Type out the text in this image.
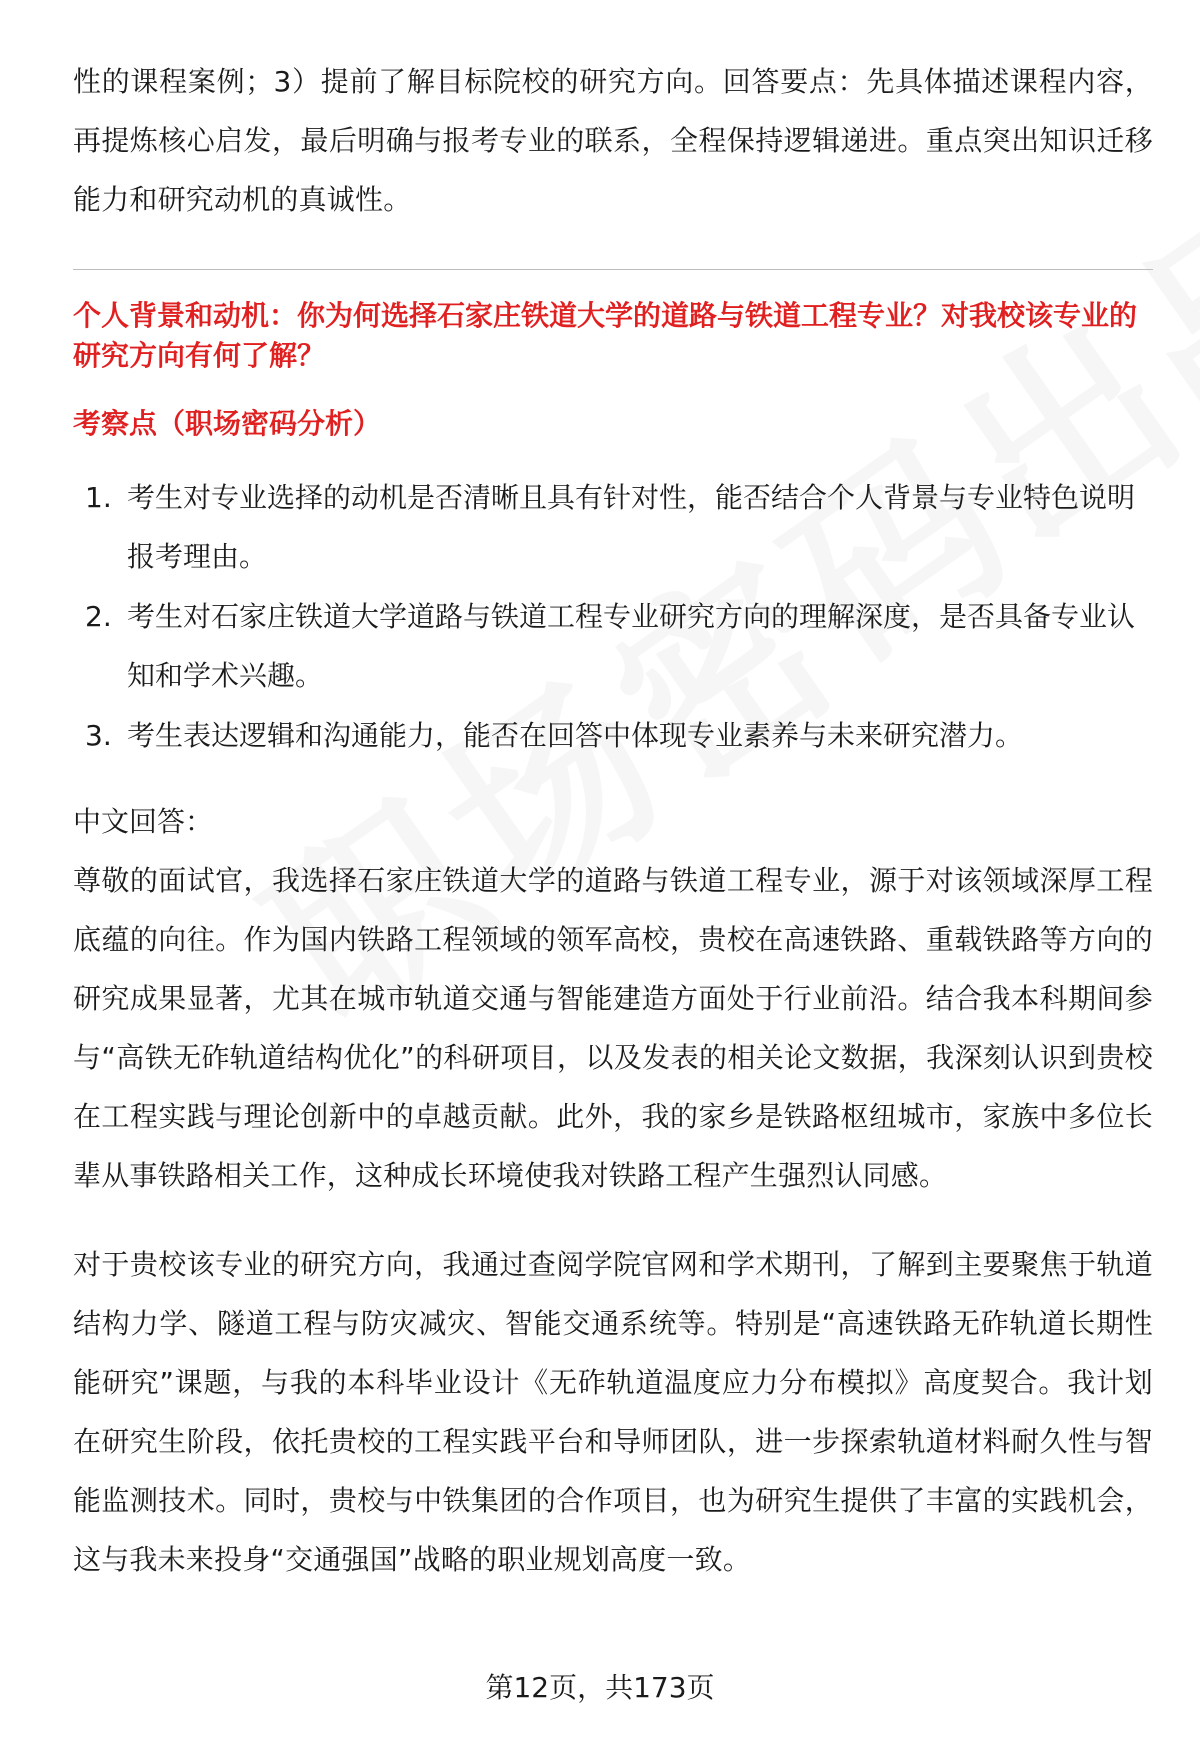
性的课程案例；3）提前了解目标院校的研究方向。回答要点：先具体描述课程内容，再提炼核心启发，最后明确与报考专业的联系，全程保持逻辑递进。重点突出知识迁移能力和研究动机的真诚性。

个人背景和动机：你为何选择石家庄铁道大学的道路与铁道工程专业？对我校该专业的研究方向有何了解？

考察点（职场密码分析）

1. 考生对专业选择的动机是否清晰且具有针对性，能否结合个人背景与专业特色说明报考理由。
2. 考生对石家庄铁道大学道路与铁道工程专业研究方向的理解深度，是否具备专业认知和学术兴趣。
3. 考生表达逻辑和沟通能力，能否在回答中体现专业素养与未来研究潜力。

中文回答：

尊敬的面试官，我选择石家庄铁道大学的道路与铁道工程专业，源于对该领域深厚工程底蕴的向往。作为国内铁路工程领域的领军高校，贵校在高速铁路、重载铁路等方向的研究成果显著，尤其在城市轨道交通与智能建造方面处于行业前沿。结合我本科期间参与“高铁无砟轨道结构优化”的科研项目，以及发表的相关论文数据，我深刻认识到贵校在工程实践与理论创新中的卓越贡献。此外，我的家乡是铁路枢纽城市，家族中多位长辈从事铁路相关工作，这种成长环境使我对铁路工程产生强烈认同感。

对于贵校该专业的研究方向，我通过查阅学院官网和学术期刊，了解到主要聚焦于轨道结构力学、隧道工程与防灾减灾、智能交通系统等。特别是“高速铁路无砟轨道长期性能研究”课题，与我的本科毕业设计《无砟轨道温度应力分布模拟》高度契合。我计划在研究生阶段，依托贵校的工程实践平台和导师团队，进一步探索轨道材料耐久性与智能监测技术。同时，贵校与中铁集团的合作项目，也为研究生提供了丰富的实践机会，这与我未来投身“交通强国”战略的职业规划高度一致。

第12页，共173页
